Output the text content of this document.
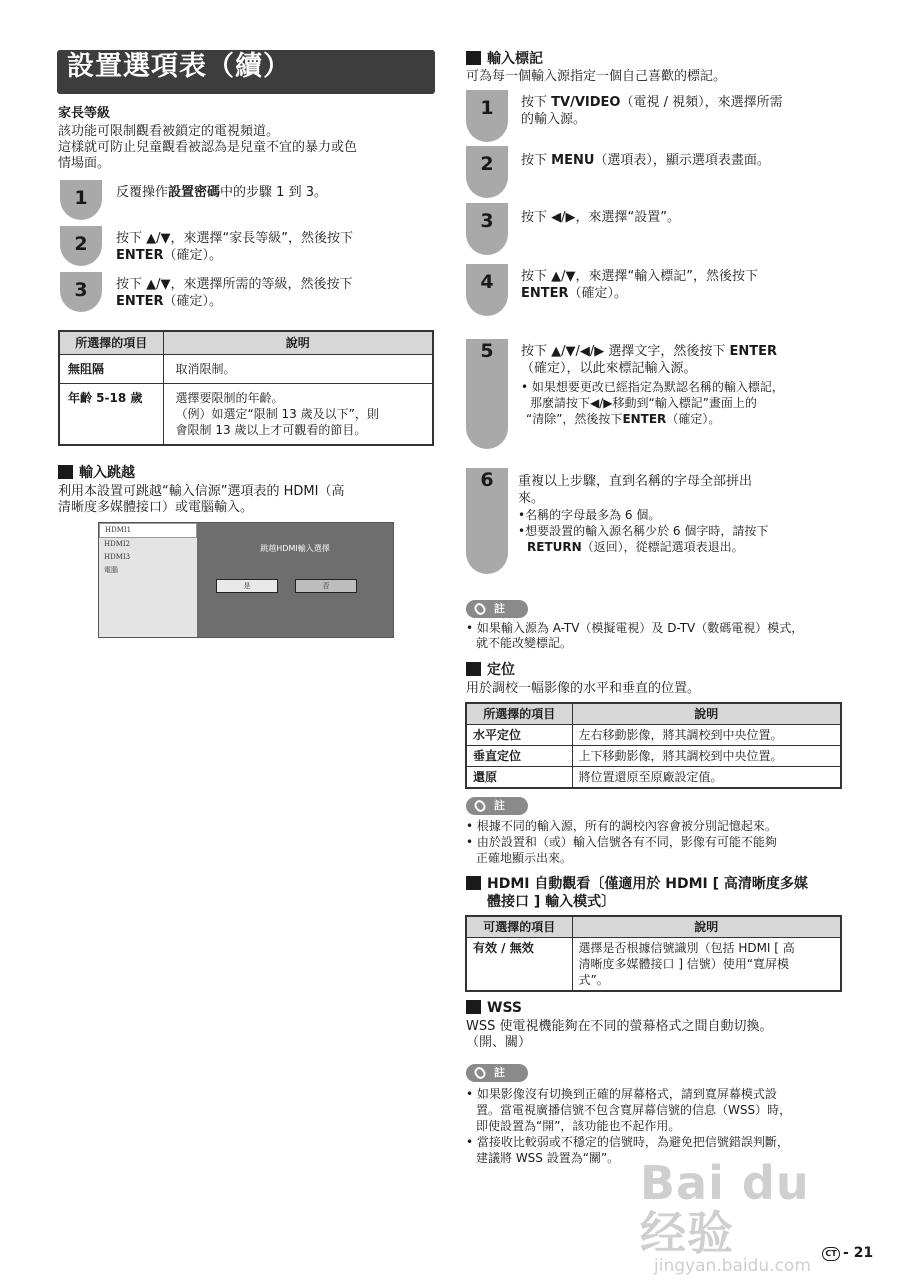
設置選項表（續）
家長等級
該功能可限制觀看被鎖定的電視頻道。
這樣就可防止兒童觀看被認為是兒童不宜的暴力或色
情場面。
1	反覆操作設置密碼中的步驟 1 到 3。
2	按下 ▲/▼，來選擇“家長等級”，然後按下
ENTER（確定）。
3	按下 ▲/▼，來選擇所需的等級，然後按下
ENTER（確定）。
所選擇的項目	說明
無阻隔	取消限制。
年齡 5-18 歲	選擇要限制的年齡。
（例）如選定“限制 13 歲及以下”，則
會限制 13 歲以上才可觀看的節目。
輸入跳越
利用本設置可跳越“輸入信源”選項表的 HDMI（高
清晰度多媒體接口）或電腦輸入。
HDMI1
HDMI2
HDMI3
電腦
跳越HDMI輸入選擇
是	否
輸入標記
可為每一個輸入源指定一個自己喜歡的標記。
1	按下 TV/VIDEO（電視 / 視頻），來選擇所需
的輸入源。
2	按下 MENU（選項表），顯示選項表畫面。
3	按下 ◀/▶，來選擇“設置”。
4	按下 ▲/▼，來選擇“輸入標記”，然後按下
ENTER（確定）。
5	按下 ▲/▼/◀/▶ 選擇文字，然後按下 ENTER
（確定），以此來標記輸入源。
• 如果想要更改已經指定為默認名稱的輸入標記，
那麼請按下◀/▶移動到“輸入標記”畫面上的
“清除”，然後按下ENTER（確定）。
6	重複以上步驟，直到名稱的字母全部拼出
來。
•名稱的字母最多為 6 個。
•想要設置的輸入源名稱少於 6 個字時，請按下
RETURN（返回），從標記選項表退出。
註
• 如果輸入源為 A-TV（模擬電視）及 D-TV（數碼電視）模式，
就不能改變標記。
定位
用於調校一幅影像的水平和垂直的位置。
所選擇的項目	說明
水平定位	左右移動影像，將其調校到中央位置。
垂直定位	上下移動影像，將其調校到中央位置。
還原	將位置還原至原廠設定值。
註
• 根據不同的輸入源，所有的調校內容會被分別記憶起來。
• 由於設置和（或）輸入信號各有不同，影像有可能不能夠
正確地顯示出來。
HDMI 自動觀看〔僅適用於 HDMI [ 高清晰度多媒
體接口 ] 輸入模式〕
可選擇的項目	說明
有效 / 無效	選擇是否根據信號識別（包括 HDMI [ 高
清晰度多媒體接口 ] 信號）使用“寬屏模
式”。
WSS
WSS 使電視機能夠在不同的螢幕格式之間自動切換。
（開、關）
註
• 如果影像沒有切換到正確的屏幕格式，請到寬屏幕模式設
置。當電視廣播信號不包含寬屏幕信號的信息（WSS）時，
即使設置為“開”，該功能也不起作用。
• 當接收比較弱或不穩定的信號時，為避免把信號錯誤判斷，
建議將 WSS 設置為“關”。 Bai du 经验
jingyan.baidu.com
CT - 21
